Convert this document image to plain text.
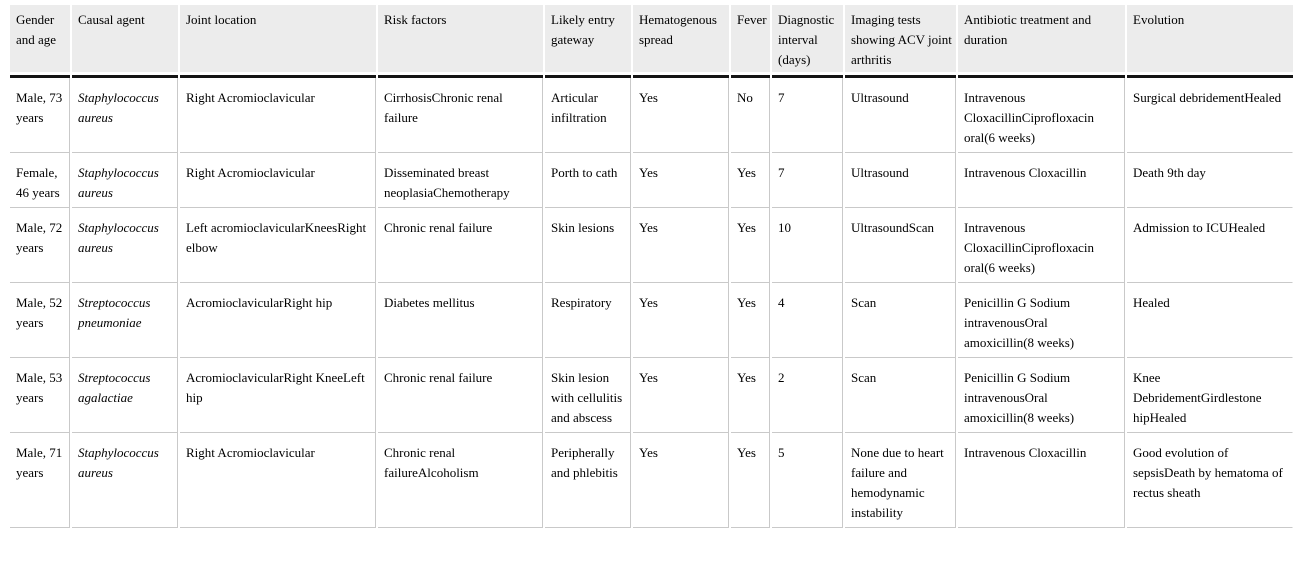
Gender and age	Causal agent	Joint location	Risk factors	Likely entry gateway	Hematogenous spread	Fever	Diagnostic interval (days)	Imaging tests showing ACV joint arthritis	Antibiotic treatment and duration	Evolution
Male, 73 years	Staphylococcus aureus	Right Acromioclavicular	CirrhosisChronic renal failure	Articular infiltration	Yes	No	7	Ultrasound	Intravenous CloxacillinCiprofloxacin oral(6 weeks)	Surgical debridementHealed
Female, 46 years	Staphylococcus aureus	Right Acromioclavicular	Disseminated breast neoplasiaChemotherapy	Porth to cath	Yes	Yes	7	Ultrasound	Intravenous Cloxacillin	Death 9th day
Male, 72 years	Staphylococcus aureus	Left acromioclavicularKneesRight elbow	Chronic renal failure	Skin lesions	Yes	Yes	10	UltrasoundScan	Intravenous CloxacillinCiprofloxacin oral(6 weeks)	Admission to ICUHealed
Male, 52 years	Streptococcus pneumoniae	AcromioclavicularRight hip	Diabetes mellitus	Respiratory	Yes	Yes	4	Scan	Penicillin G Sodium intravenousOral amoxicillin(8 weeks)	Healed
Male, 53 years	Streptococcus agalactiae	AcromioclavicularRight KneeLeft hip	Chronic renal failure	Skin lesion with cellulitis and abscess	Yes	Yes	2	Scan	Penicillin G Sodium intravenousOral amoxicillin(8 weeks)	Knee DebridementGirdlestone hipHealed
Male, 71 years	Staphylococcus aureus	Right Acromioclavicular	Chronic renal failureAlcoholism	Peripherally and phlebitis	Yes	Yes	5	None due to heart failure and hemodynamic instability	Intravenous Cloxacillin	Good evolution of sepsisDeath by hematoma of rectus sheath
